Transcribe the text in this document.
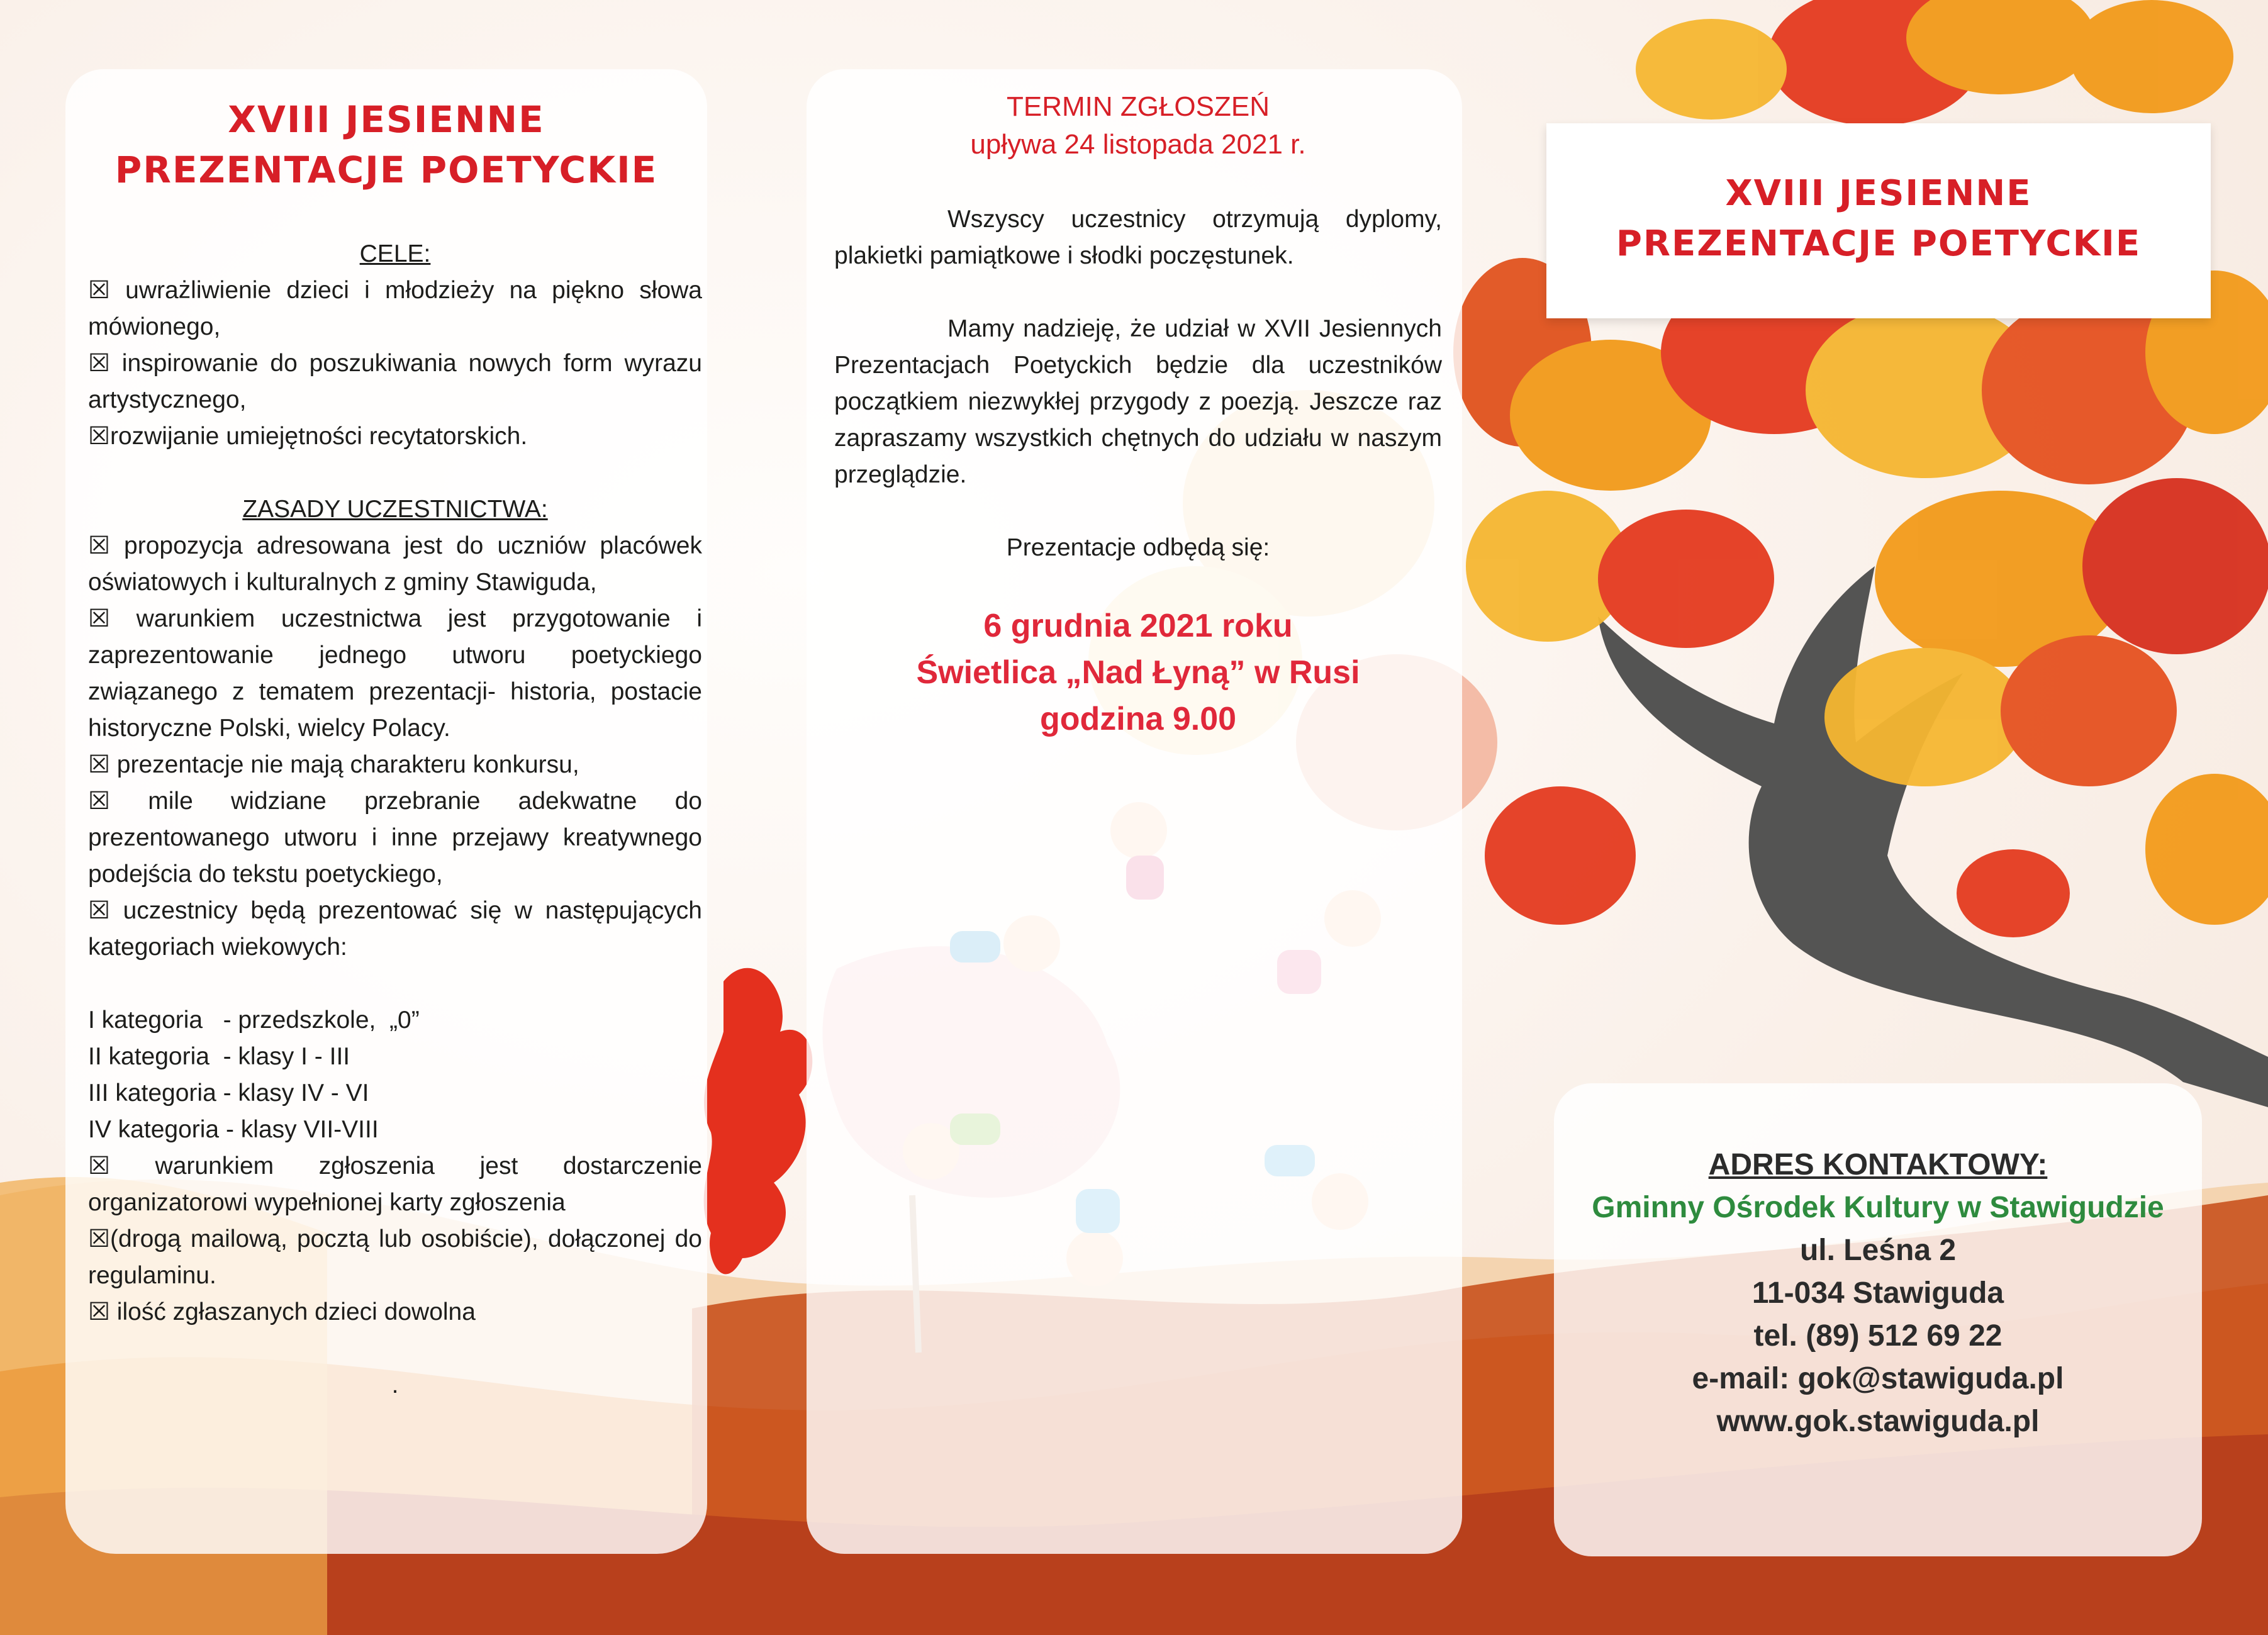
XVIII JESIENNE
PREZENTACJE POETYCKIE
CELE:
☒ uwrażliwienie dzieci i młodzieży na piękno słowa mówionego,
☒ inspirowanie do poszukiwania nowych form wyrazu artystycznego,
☒rozwijanie umiejętności recytatorskich.
ZASADY UCZESTNICTWA:
☒ propozycja adresowana jest do uczniów placówek oświatowych i kulturalnych z gminy Stawiguda,
☒ warunkiem uczestnictwa jest przygotowanie i zaprezentowanie jednego utworu poetyckiego związanego z tematem prezentacji- historia, postacie historyczne Polski, wielcy Polacy.
☒ prezentacje nie mają charakteru konkursu,
☒ mile widziane przebranie adekwatne do prezentowanego utworu i inne przejawy kreatywnego podejścia do tekstu poetyckiego,
☒ uczestnicy będą prezentować się w następujących kategoriach wiekowych:
I kategoria   - przedszkole,  „0”
II kategoria  - klasy I - III
III kategoria - klasy IV - VI
IV kategoria - klasy VII-VIII
☒ warunkiem zgłoszenia jest dostarczenie organizatorowi wypełnionej karty zgłoszenia
☒(drogą mailową, pocztą lub osobiście), dołączonej do regulaminu.
☒ ilość zgłaszanych dzieci dowolna
.
TERMIN ZGŁOSZEŃ
upływa 24 listopada 2021 r.
Wszyscy uczestnicy otrzymują dyplomy, plakietki pamiątkowe i słodki poczęstunek.
Mamy nadzieję, że udział w XVII Jesiennych Prezentacjach Poetyckich będzie dla uczestników początkiem niezwykłej przygody z poezją. Jeszcze raz zapraszamy wszystkich chętnych do udziału w naszym przeglądzie.
Prezentacje odbędą się:
6 grudnia 2021 roku
Świetlica „Nad Łyną” w Rusi
godzina 9.00
XVIII JESIENNE
PREZENTACJE POETYCKIE
ADRES KONTAKTOWY:
Gminny Ośrodek Kultury w Stawigudzie
ul. Leśna 2
11-034 Stawiguda
tel. (89) 512 69 22
e-mail: gok@stawiguda.pl
www.gok.stawiguda.pl
